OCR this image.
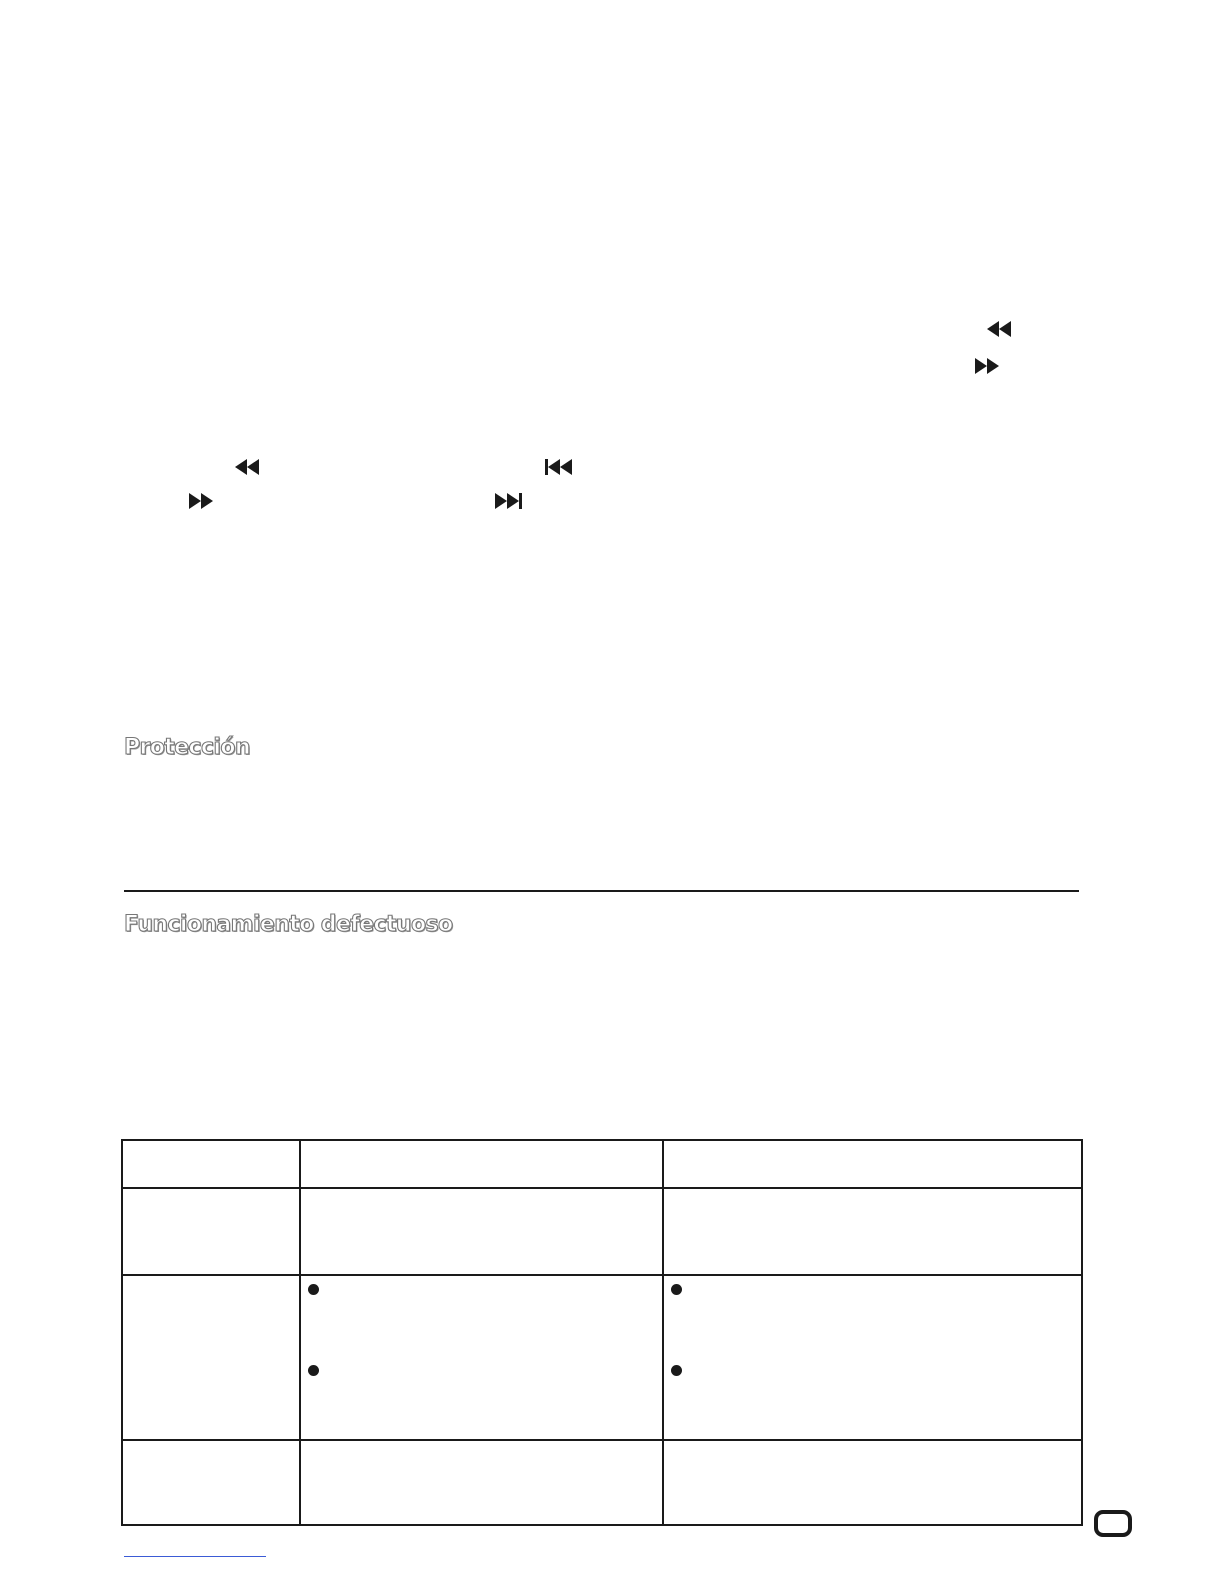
Protección
Funcionamiento defectuoso
